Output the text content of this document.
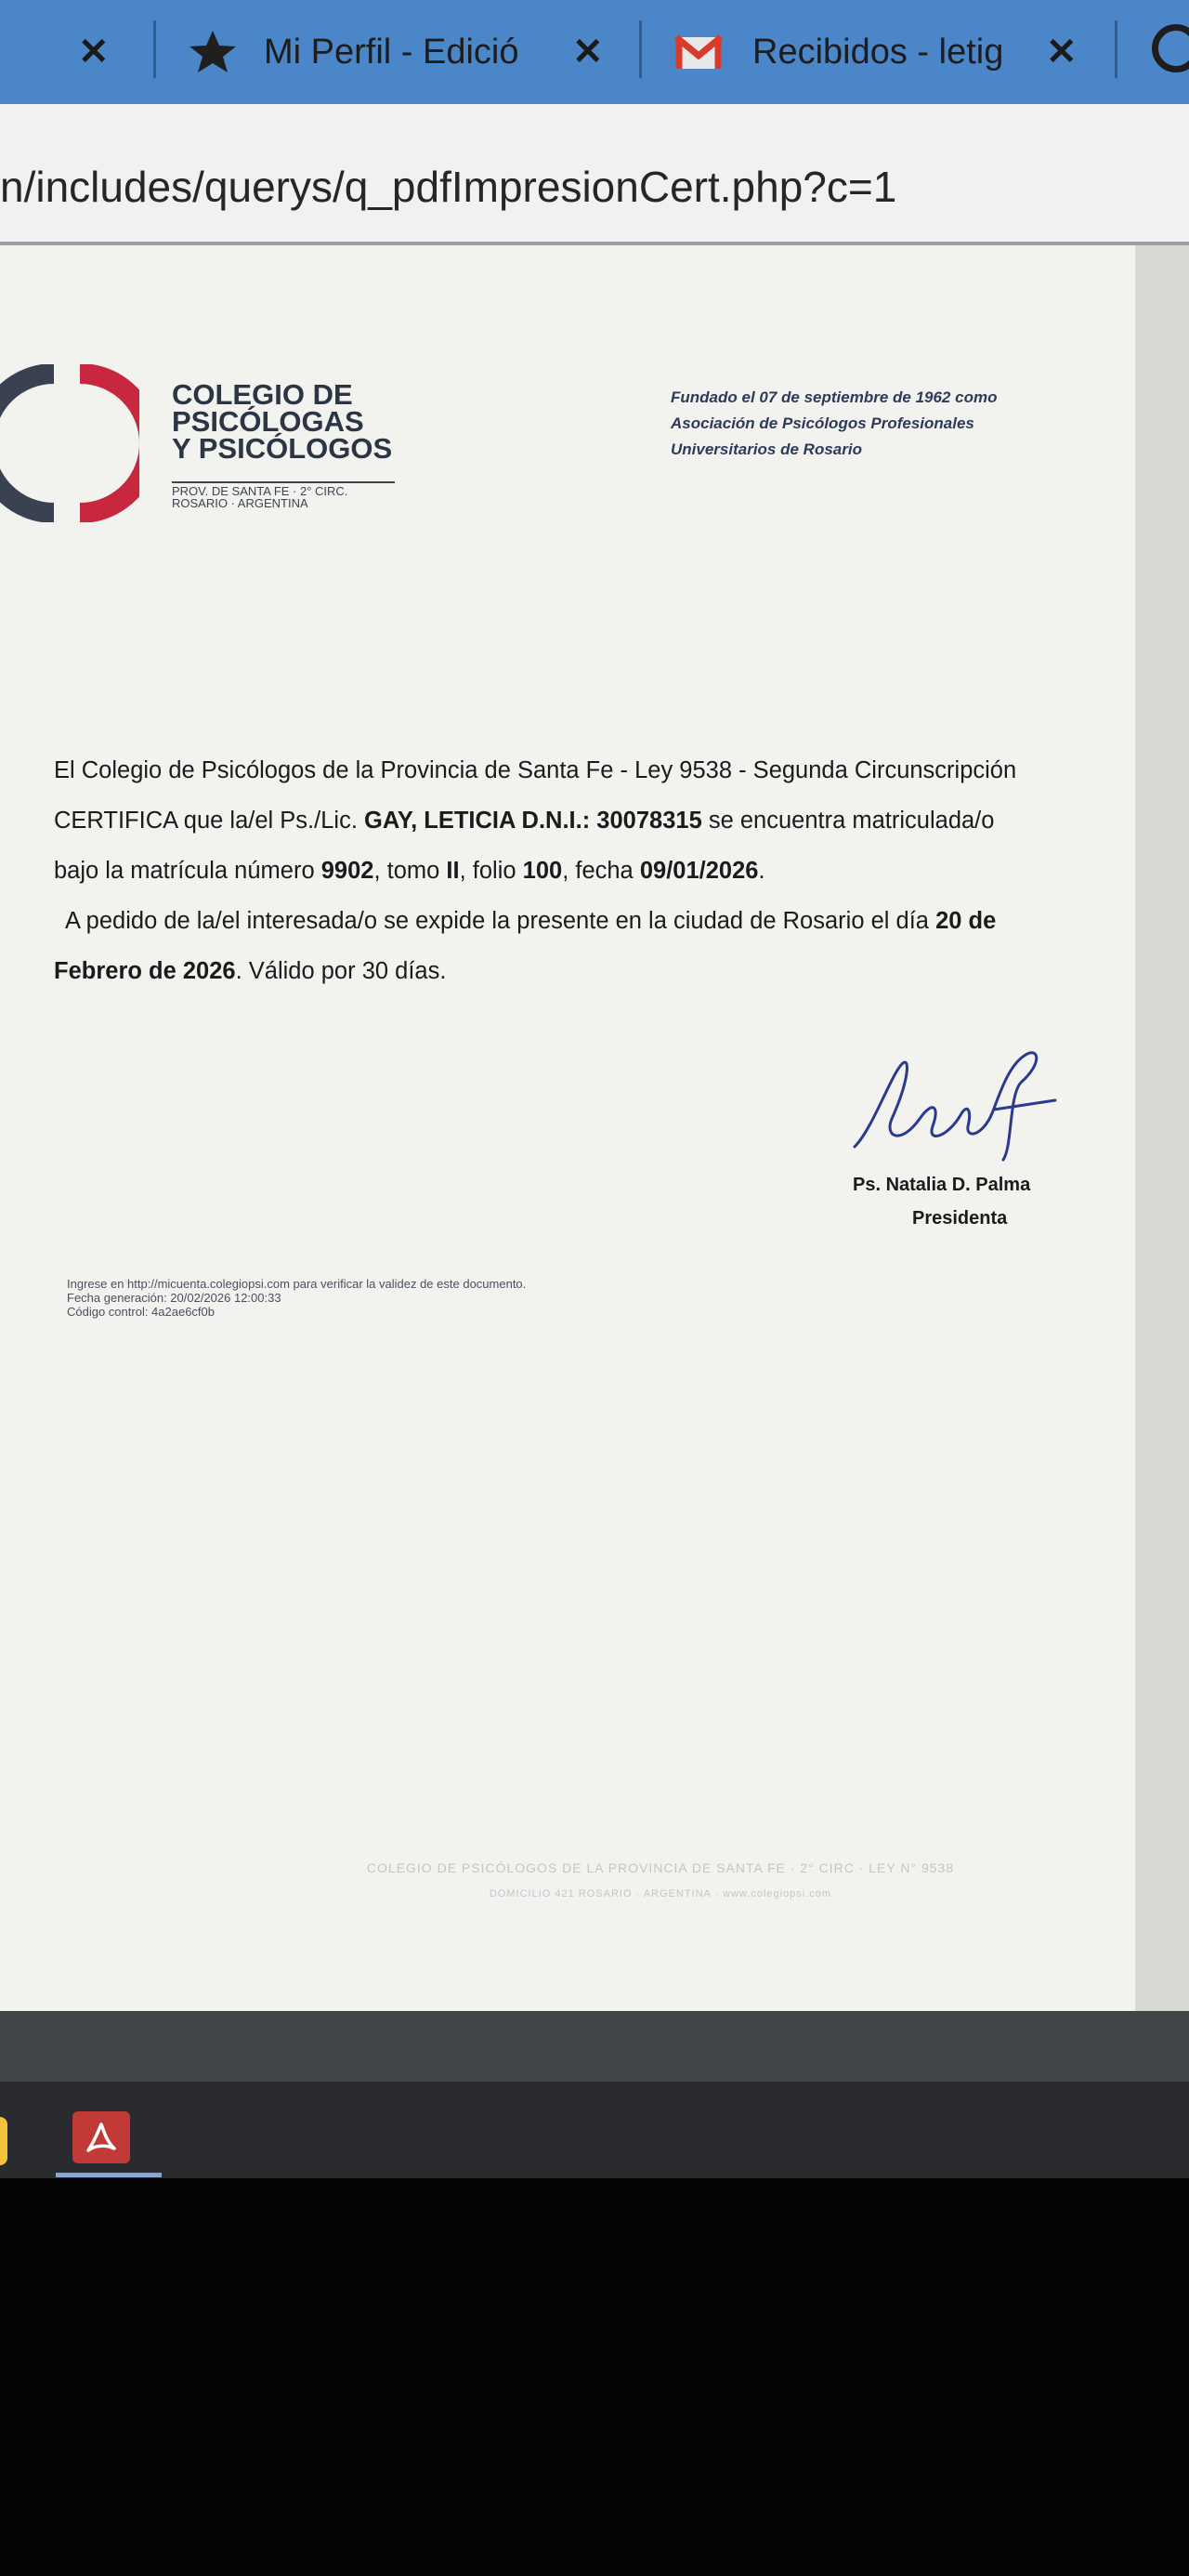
✕	Mi Perfil - Edició	✕	Recibidos - letig	✕
n/includes/querys/q_pdfImpresionCert.php?c=1
COLEGIO DE
PSICÓLOGAS
Y PSICÓLOGOS
PROV. DE SANTA FE · 2° CIRC.
ROSARIO · ARGENTINA
Fundado el 07 de septiembre de 1962 como
Asociación de Psicólogos Profesionales
Universitarios de Rosario

El Colegio de Psicólogos de la Provincia de Santa Fe - Ley 9538 - Segunda Circunscripción

CERTIFICA que la/el Ps./Lic. GAY, LETICIA D.N.I.: 30078315 se encuentra matriculada/o

bajo la matrícula número 9902, tomo II, folio 100, fecha 09/01/2026.

A pedido de la/el interesada/o se expide la presente en la ciudad de Rosario el día 20 de

Febrero de 2026. Válido por 30 días.

Ps. Natalia D. Palma
Presidenta
Ingrese en http://micuenta.colegiopsi.com para verificar la validez de este documento.
Fecha generación: 20/02/2026 12:00:33
Código control: 4a2ae6cf0b
COLEGIO DE PSICÓLOGOS DE LA PROVINCIA DE SANTA FE · 2° CIRC · LEY N° 9538
DOMICILIO 421 ROSARIO · ARGENTINA · www.colegiopsi.com
